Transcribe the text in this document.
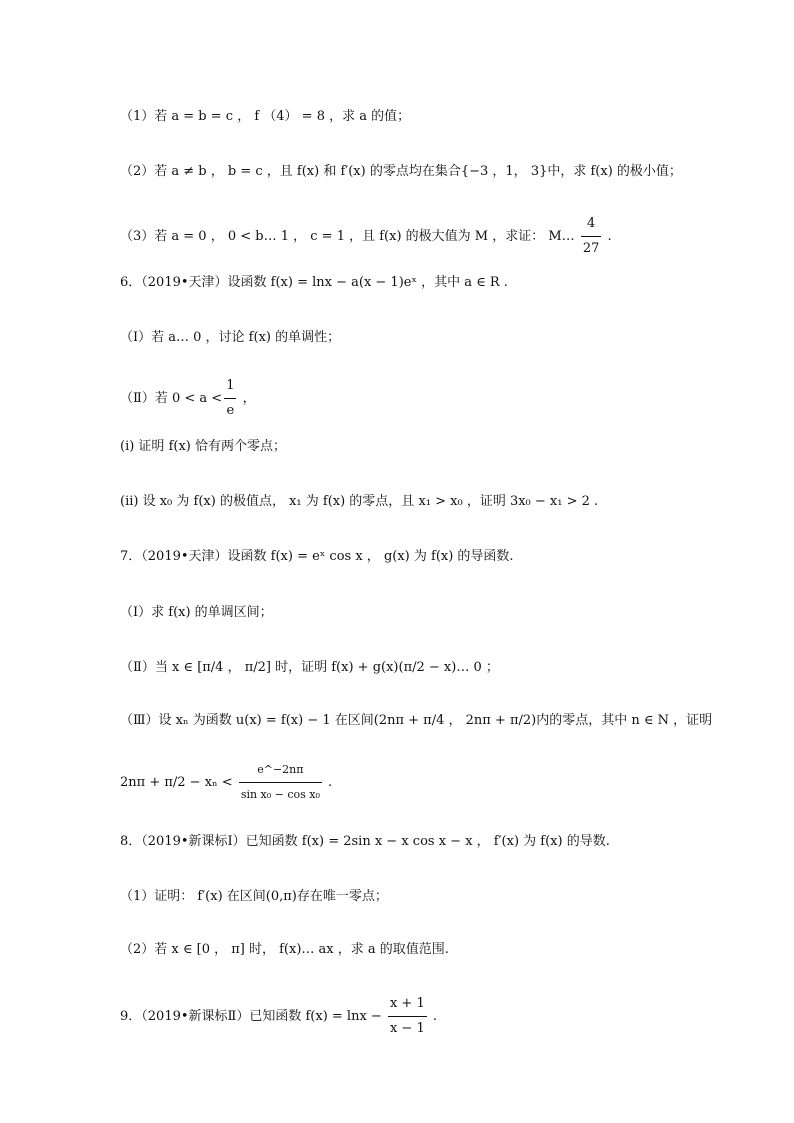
（1）若 a = b = c ， f （4） = 8 ，求 a 的值；
（2）若 a ≠ b ， b = c ，且 f(x) 和 f′(x) 的零点均在集合{−3 ，1， 3}中，求 f(x) 的极小值；
（3）若 a = 0 ， 0 < b… 1 ， c = 1 ，且 f(x) 的极大值为 M ，求证： M… $\frac{4}{27}$ .
6．（2019•天津）设函数 f(x) = lnx − a(x − 1)eˣ ，其中 a ∈ R .
（Ⅰ）若 a… 0 ，讨论 f(x) 的单调性；
（Ⅱ）若 $0 < a < \frac{1}{e}$ ，
(i) 证明 f(x) 恰有两个零点；
(ii) 设 x₀ 为 f(x) 的极值点， x₁ 为 f(x) 的零点，且 x₁ > x₀ ，证明 3x₀ − x₁ > 2 .
7．（2019•天津）设函数 f(x) = eˣ cos x ， g(x) 为 f(x) 的导函数.
（Ⅰ）求 f(x) 的单调区间；
（Ⅱ）当 x ∈ [π/4 ， π/2] 时，证明 f(x) + g(x)(π/2 − x)… 0 ；
（Ⅲ）设 xₙ 为函数 u(x) = f(x) − 1 在区间(2nπ + π/4 ， 2nπ + π/2)内的零点，其中 n ∈ N ，证明
$2n\pi + \pi/2 - x_n < \frac{e\^{}-2n\pi}{\text{sin x₀ − cos x₀}}$ .
8．（2019•新课标Ⅰ）已知函数 f(x) = 2sin x − x cos x − x ， f′(x) 为 f(x) 的导数.
（1）证明： f′(x) 在区间(0,π)存在唯一零点；
（2）若 x ∈ [0 ， π] 时， f(x)… ax ，求 a 的取值范围.
9．（2019•新课标Ⅱ）已知函数 $f(x) = \ln x - \frac{x + 1}{x - 1}$ .
